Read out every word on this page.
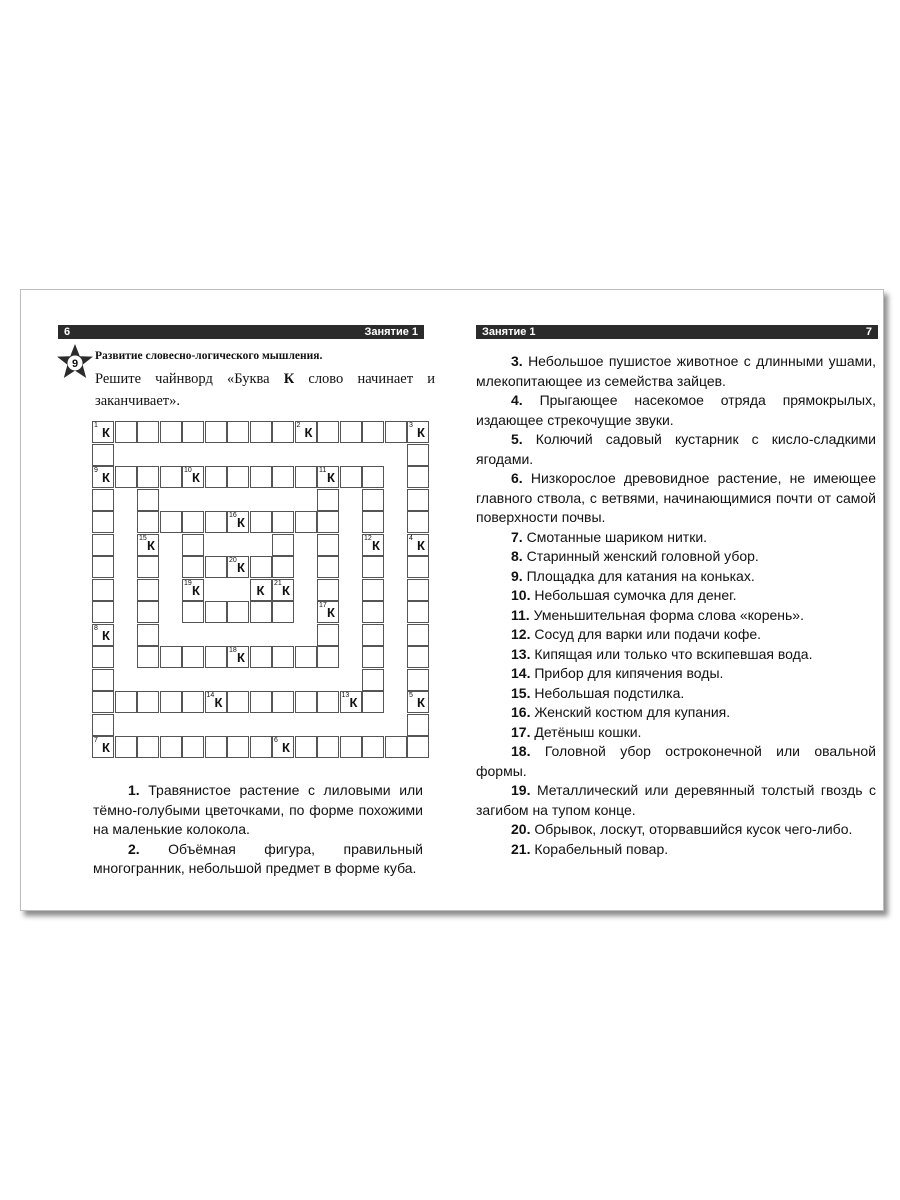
6	Занятие 1
9
Развитие словесно-логического мышления.
Решите чайнворд «Буква К слово начинает и заканчивает».
1 К
7 К
3 К
9 К
4 К
6 К
2 К
8 К
5 К
10 К
14 К
11 К
13 К
12 К
15 К
16 К
18 К
17 К
20 К
19 К	21 К
К
1. Травянистое растение с лиловыми или тёмно-голубыми цветочками, по форме похожими на маленькие колокола.
2. Объёмная фигура, правильный многогранник, небольшой предмет в форме куба.
Занятие 1	7
3. Небольшое пушистое животное с длинными ушами, млекопитающее из семейства зайцев.
4. Прыгающее насекомое отряда прямокрылых, издающее стрекочущие звуки.
5. Колючий садовый кустарник с кисло-сладкими ягодами.
6. Низкорослое древовидное растение, не имеющее главного ствола, с ветвями, начинающимися почти от самой поверхности почвы.
7. Смотанные шариком нитки.
8. Старинный женский головной убор.
9. Площадка для катания на коньках.
10. Небольшая сумочка для денег.
11. Уменьшительная форма слова «корень».
12. Сосуд для варки или подачи кофе.
13. Кипящая или только что вскипевшая вода.
14. Прибор для кипячения воды.
15. Небольшая подстилка.
16. Женский костюм для купания.
17. Детёныш кошки.
18. Головной убор остроконечной или овальной формы.
19. Металлический или деревянный толстый гвоздь с загибом на тупом конце.
20. Обрывок, лоскут, оторвавшийся кусок чего-либо.
21. Корабельный повар.
